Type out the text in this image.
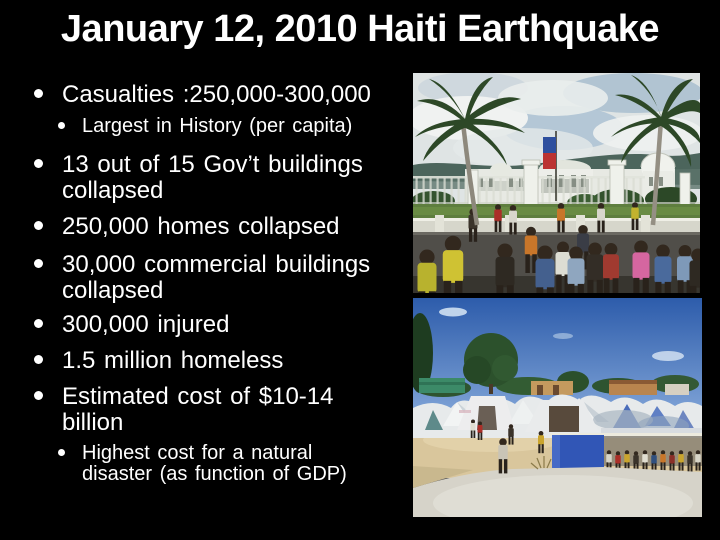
January 12, 2010 Haiti Earthquake
Casualties :250,000-300,000
Largest in History (per capita)
13 out of 15 Gov’t buildings collapsed
250,000 homes collapsed
30,000 commercial buildings collapsed
300,000 injured
1.5 million homeless
Estimated cost of $10-14 billion
Highest cost for a natural disaster (as function of GDP)
